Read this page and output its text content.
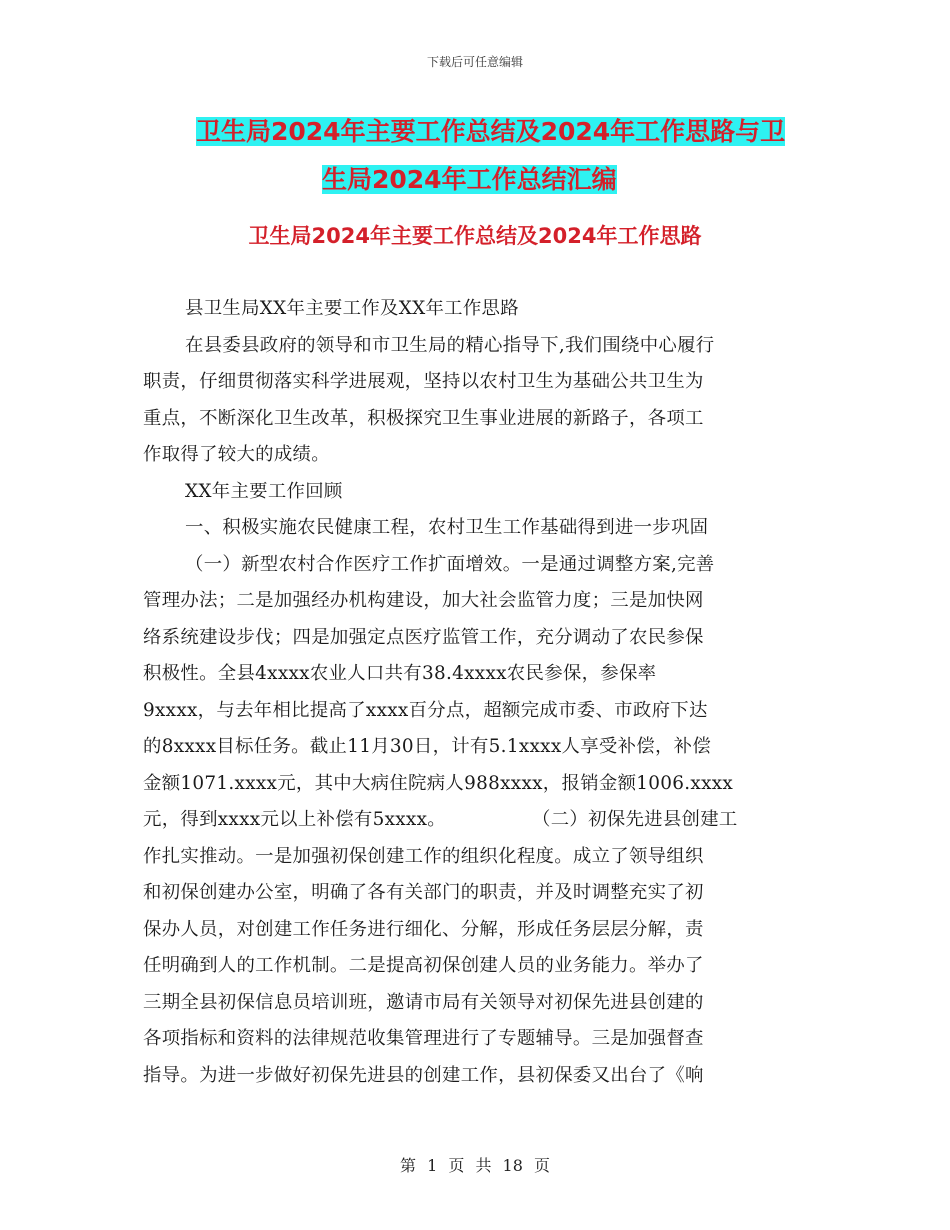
下载后可任意编辑
卫生局2024年主要工作总结及2024年工作思路与卫
生局2024年工作总结汇编
卫生局2024年主要工作总结及2024年工作思路

县卫生局XX年主要工作及XX年工作思路

在县委县政府的领导和市卫生局的精心指导下,我们围绕中心履行

职责，仔细贯彻落实科学进展观，坚持以农村卫生为基础公共卫生为

重点，不断深化卫生改革，积极探究卫生事业进展的新路子，各项工

作取得了较大的成绩。

XX年主要工作回顾

一、积极实施农民健康工程，农村卫生工作基础得到进一步巩固

（一）新型农村合作医疗工作扩面增效。一是通过调整方案,完善

管理办法；二是加强经办机构建设，加大社会监管力度；三是加快网

络系统建设步伐；四是加强定点医疗监管工作，充分调动了农民参保

积极性。全县4xxxx农业人口共有38.4xxxx农民参保，参保率

9xxxx，与去年相比提高了xxxx百分点，超额完成市委、市政府下达

的8xxxx目标任务。截止11月30日，计有5.1xxxx人享受补偿，补偿

金额1071.xxxx元，其中大病住院病人988xxxx，报销金额1006.xxxx

元，得到xxxx元以上补偿有5xxxx。              （二）初保先进县创建工

作扎实推动。一是加强初保创建工作的组织化程度。成立了领导组织

和初保创建办公室，明确了各有关部门的职责，并及时调整充实了初

保办人员，对创建工作任务进行细化、分解，形成任务层层分解，责

任明确到人的工作机制。二是提高初保创建人员的业务能力。举办了

三期全县初保信息员培训班，邀请市局有关领导对初保先进县创建的

各项指标和资料的法律规范收集管理进行了专题辅导。三是加强督查

指导。为进一步做好初保先进县的创建工作，县初保委又出台了《响

第 1 页 共 18 页
